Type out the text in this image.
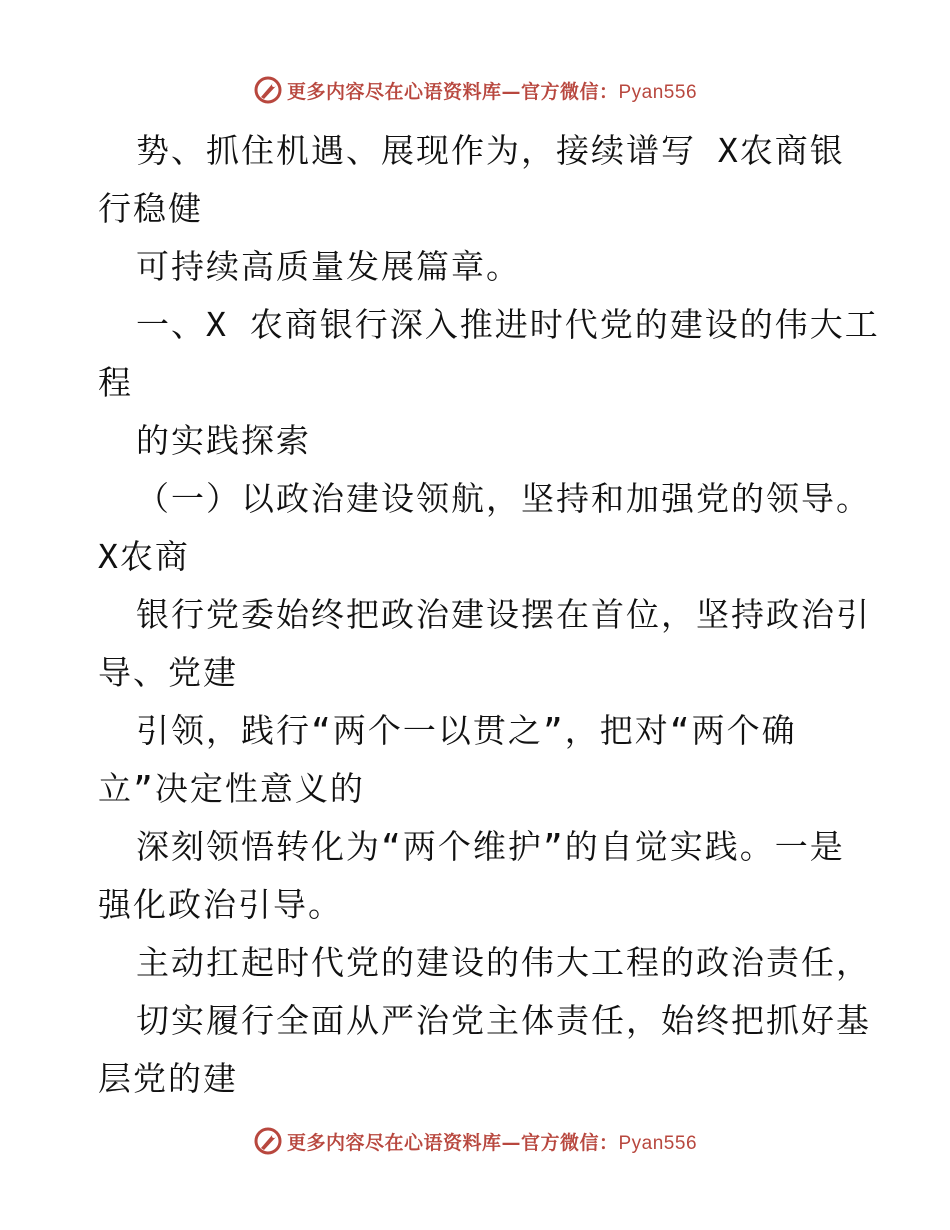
更多内容尽在心语资料库—官方微信：Pyan556
势、抓住机遇、展现作为，接续谱写 X农商银
行稳健
可持续高质量发展篇章。
一、X 农商银行深入推进时代党的建设的伟大工
程
的实践探索
（一）以政治建设领航，坚持和加强党的领导。
X农商
银行党委始终把政治建设摆在首位，坚持政治引
导、党建
引领，践行“两个一以贯之”，把对“两个确
立”决定性意义的
深刻领悟转化为“两个维护”的自觉实践。一是
强化政治引导。
主动扛起时代党的建设的伟大工程的政治责任，
切实履行全面从严治党主体责任，始终把抓好基
层党的建
更多内容尽在心语资料库—官方微信：Pyan556
